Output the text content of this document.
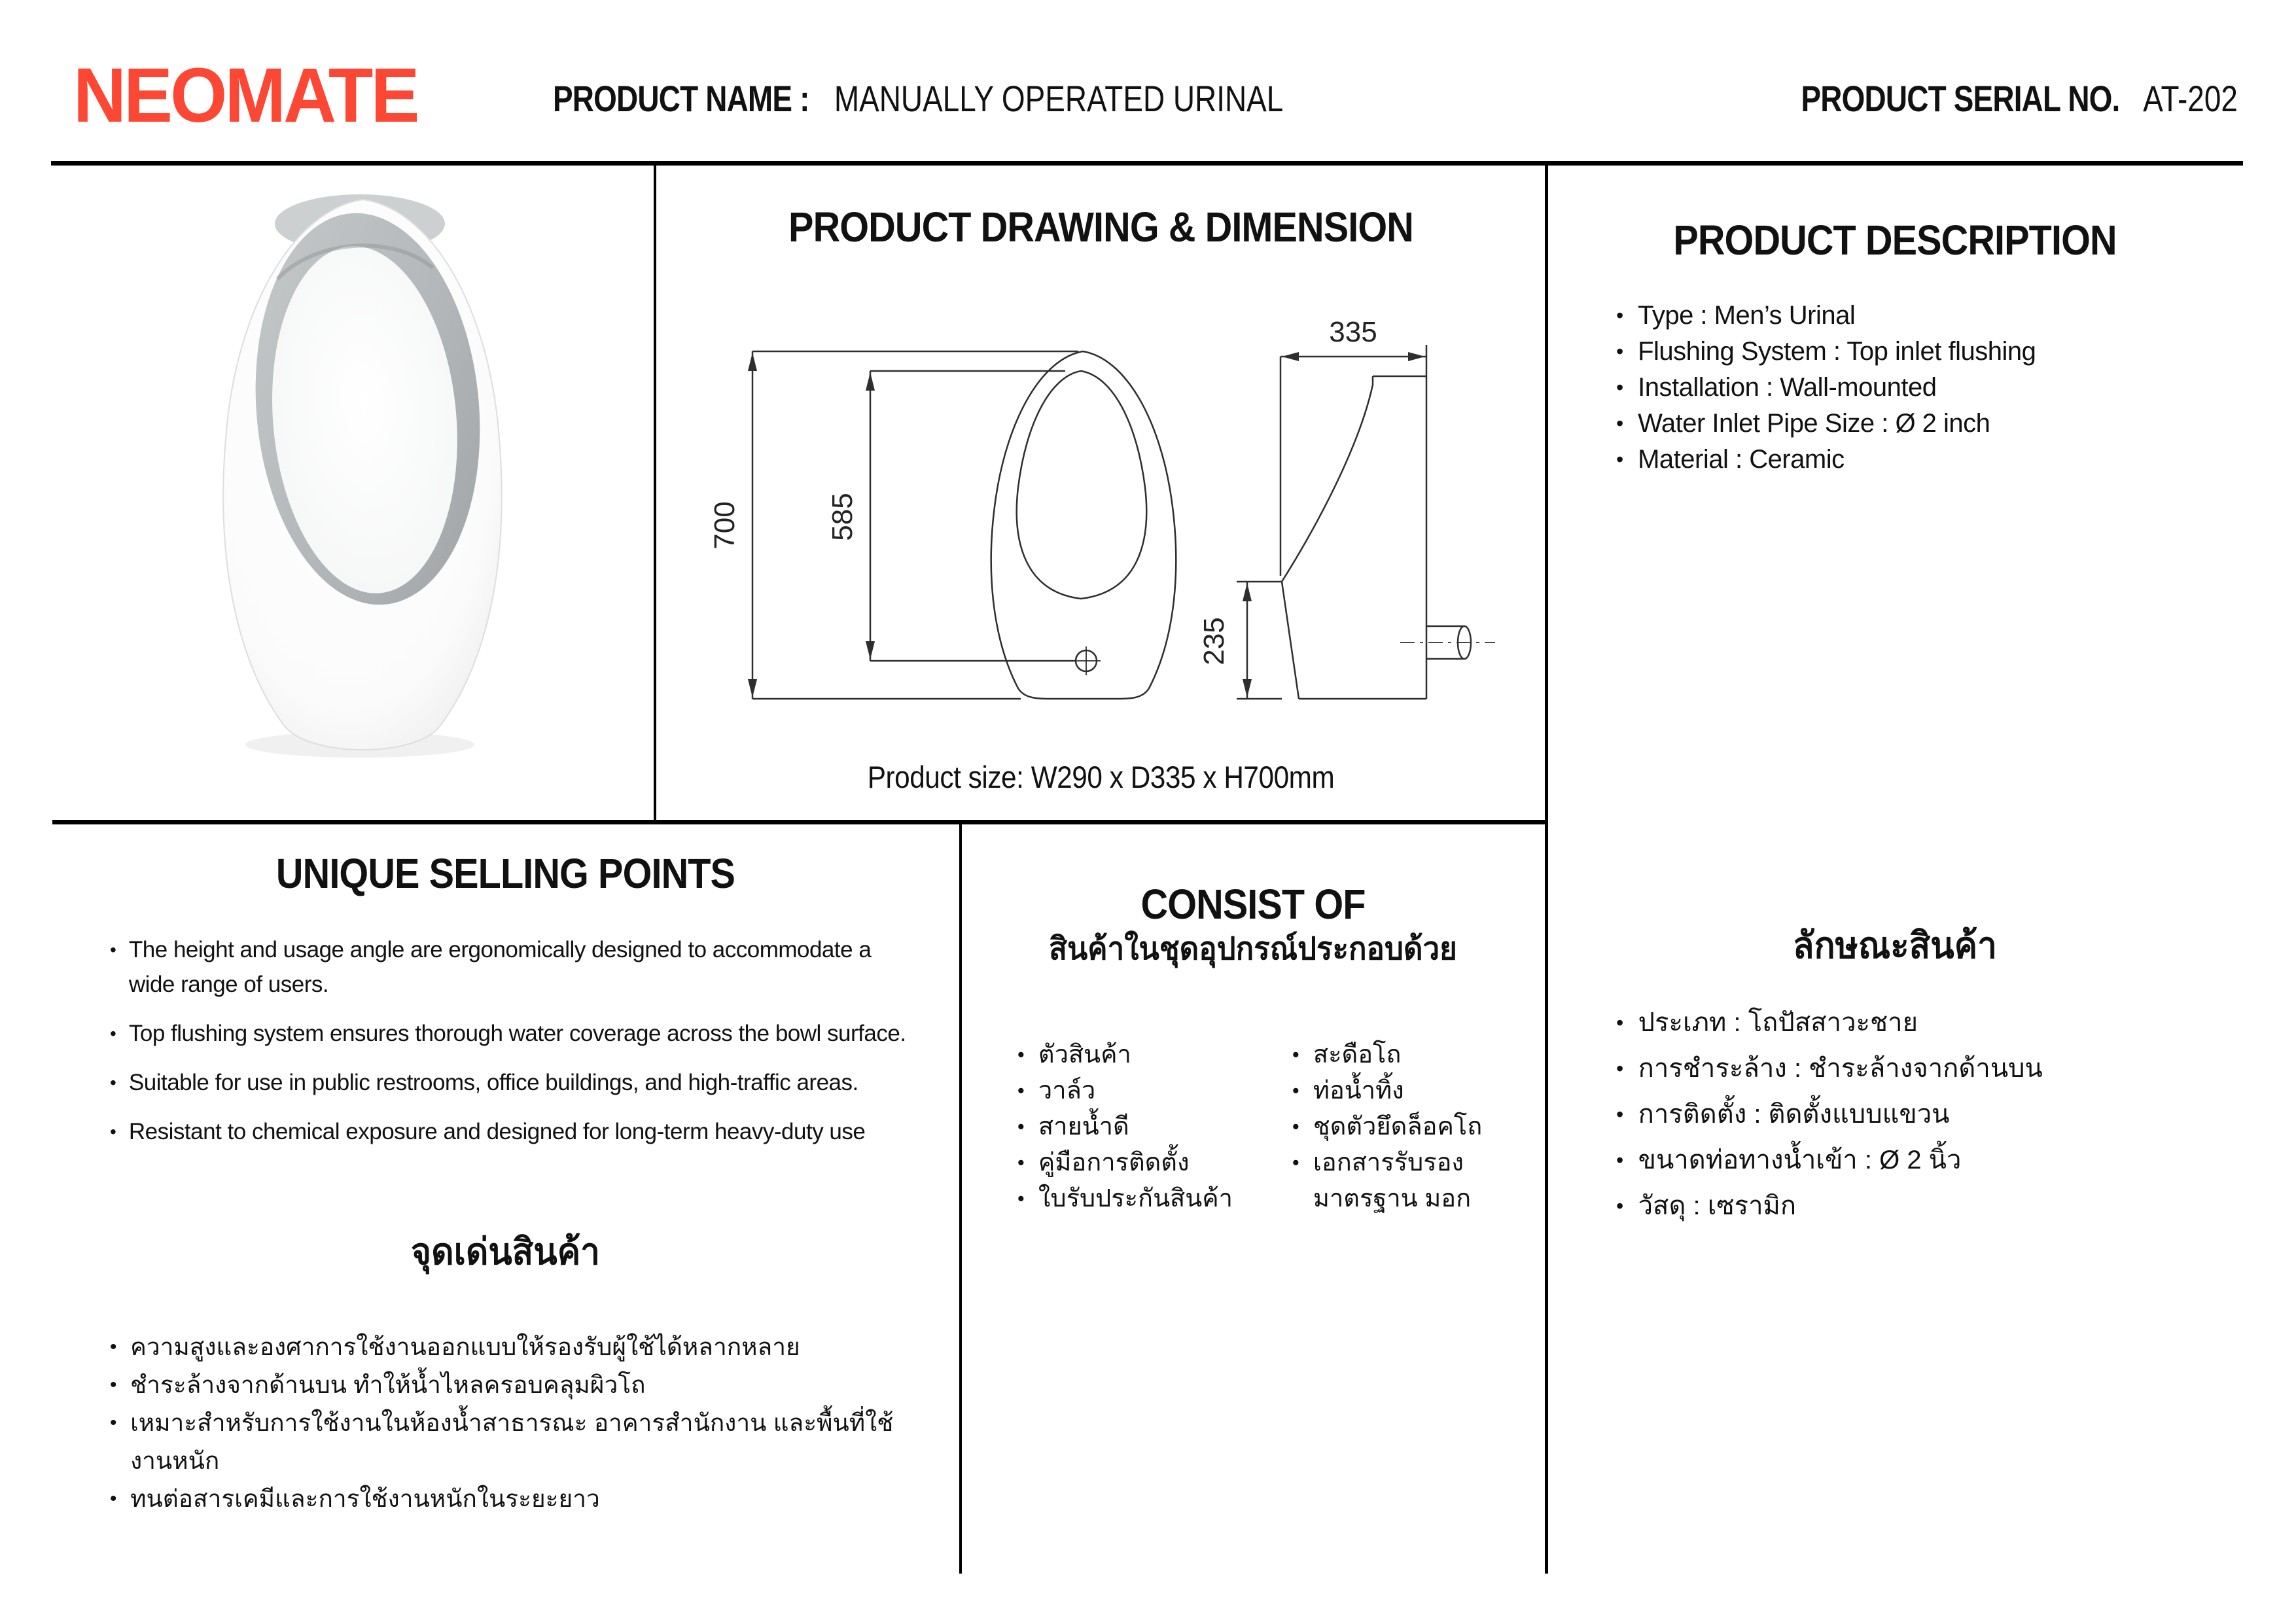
NEOMATE	PRODUCT NAME : MANUALLY OPERATED URINAL	PRODUCT SERIAL NO. AT-202
PRODUCT DRAWING & DIMENSION
700	585
335
235
Product size: W290 x D335 x H700mm
PRODUCT DESCRIPTION
• Type : Men’s Urinal
• Flushing System : Top inlet flushing
• Installation : Wall-mounted
• Water Inlet Pipe Size : Ø 2 inch
• Material : Ceramic
UNIQUE SELLING POINTS
• The height and usage angle are ergonomically designed to accommodate a wide range of users.
• Top flushing system ensures thorough water coverage across the bowl surface.
• Suitable for use in public restrooms, office buildings, and high-traffic areas.
• Resistant to chemical exposure and designed for long-term heavy-duty use
จุดเด่นสินค้า
• ความสูงและองศาการใช้งานออกแบบให้รองรับผู้ใช้ได้หลากหลาย
• ชำระล้างจากด้านบน ทำให้น้ำไหลครอบคลุมผิวโถ
• เหมาะสำหรับการใช้งานในห้องน้ำสาธารณะ อาคารสำนักงาน และพื้นที่ใช้งานหนัก
• ทนต่อสารเคมีและการใช้งานหนักในระยะยาว
CONSIST OF
สินค้าในชุดอุปกรณ์ประกอบด้วย
• ตัวสินค้า
• วาล์ว
• สายน้ำดี
• คู่มือการติดตั้ง
• ใบรับประกันสินค้า
• สะดือโถ
• ท่อน้ำทิ้ง
• ชุดตัวยึดล็อคโถ
• เอกสารรับรอง มาตรฐาน มอก
ลักษณะสินค้า
• ประเภท : โถปัสสาวะชาย
• การชำระล้าง : ชำระล้างจากด้านบน
• การติดตั้ง : ติดตั้งแบบแขวน
• ขนาดท่อทางน้ำเข้า : Ø 2 นิ้ว
• วัสดุ : เซรามิก
